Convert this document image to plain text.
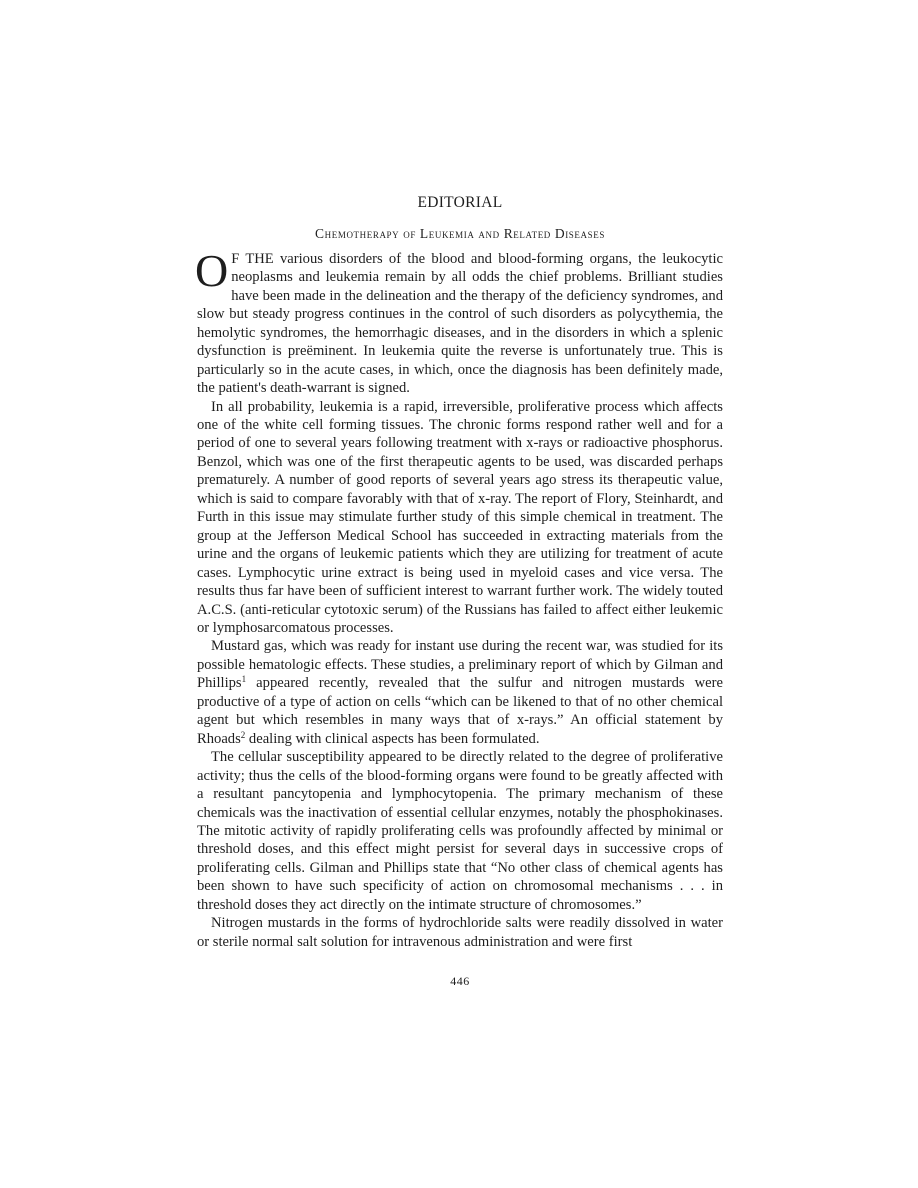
EDITORIAL
Chemotherapy of Leukemia and Related Diseases

O F THE various disorders of the blood and blood-forming organs, the leukocytic neoplasms and leukemia remain by all odds the chief problems. Brilliant studies have been made in the delineation and the therapy of the deficiency syndromes, and slow but steady progress continues in the control of such disorders as polycythemia, the hemolytic syndromes, the hemorrhagic diseases, and in the disorders in which a splenic dysfunction is preëminent. In leukemia quite the reverse is unfortunately true. This is particularly so in the acute cases, in which, once the diagnosis has been definitely made, the patient's death-warrant is signed.

In all probability, leukemia is a rapid, irreversible, proliferative process which affects one of the white cell forming tissues. The chronic forms respond rather well and for a period of one to several years following treatment with x-rays or radioactive phosphorus. Benzol, which was one of the first therapeutic agents to be used, was discarded perhaps prematurely. A number of good reports of several years ago stress its therapeutic value, which is said to compare favorably with that of x-ray. The report of Flory, Steinhardt, and Furth in this issue may stimulate further study of this simple chemical in treatment. The group at the Jefferson Medical School has succeeded in extracting materials from the urine and the organs of leukemic patients which they are utilizing for treatment of acute cases. Lymphocytic urine extract is being used in myeloid cases and vice versa. The results thus far have been of sufficient interest to warrant further work. The widely touted A.C.S. (anti-reticular cytotoxic serum) of the Russians has failed to affect either leukemic or lymphosarcomatous processes.

Mustard gas, which was ready for instant use during the recent war, was studied for its possible hematologic effects. These studies, a preliminary report of which by Gilman and Phillips$^1$ appeared recently, revealed that the sulfur and nitrogen mustards were productive of a type of action on cells “which can be likened to that of no other chemical agent but which resembles in many ways that of x-rays.” An official statement by Rhoads$^2$ dealing with clinical aspects has been formulated.

The cellular susceptibility appeared to be directly related to the degree of proliferative activity; thus the cells of the blood-forming organs were found to be greatly affected with a resultant pancytopenia and lymphocytopenia. The primary mechanism of these chemicals was the inactivation of essential cellular enzymes, notably the phosphokinases. The mitotic activity of rapidly proliferating cells was profoundly affected by minimal or threshold doses, and this effect might persist for several days in successive crops of proliferating cells. Gilman and Phillips state that “No other class of chemical agents has been shown to have such specificity of action on chromosomal mechanisms . . . in threshold doses they act directly on the intimate structure of chromosomes.”

Nitrogen mustards in the forms of hydrochloride salts were readily dissolved in water or sterile normal salt solution for intravenous administration and were first

446
